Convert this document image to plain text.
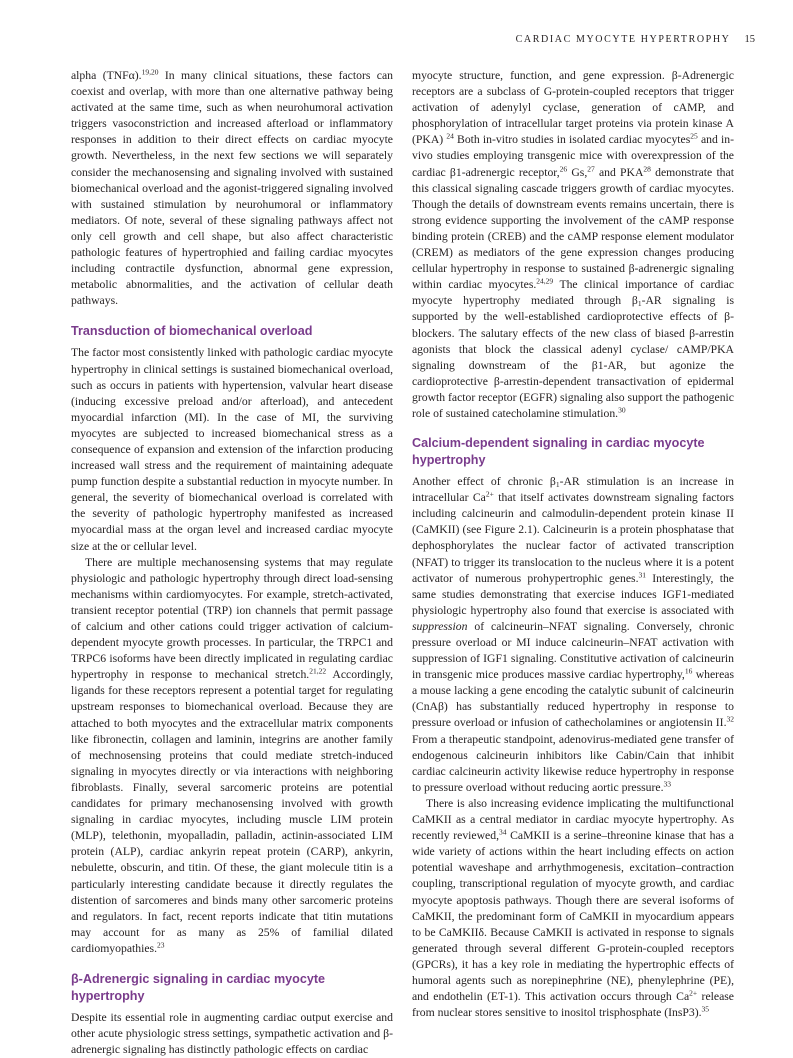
CARDIAC MYOCYTE HYPERTROPHY 15

alpha (TNFα).$^{19,20}$ In many clinical situations, these factors can coexist and overlap, with more than one alternative pathway being activated at the same time, such as when neurohumoral activation triggers vasoconstriction and increased afterload or inflammatory responses in addition to their direct effects on cardiac myocyte growth. Nevertheless, in the next few sections we will separately consider the mechanosensing and signaling involved with sustained biomechanical overload and the agonist-triggered signaling involved with sustained stimulation by neurohumoral or inflammatory mediators. Of note, several of these signaling pathways affect not only cell growth and cell shape, but also affect characteristic pathologic features of hypertrophied and failing cardiac myocytes including contractile dysfunction, abnormal gene expression, metabolic abnormalities, and the activation of cellular death pathways.

Transduction of biomechanical overload

The factor most consistently linked with pathologic cardiac myocyte hypertrophy in clinical settings is sustained biomechanical overload, such as occurs in patients with hypertension, valvular heart disease (inducing excessive preload and/or afterload), and antecedent myocardial infarction (MI). In the case of MI, the surviving myocytes are subjected to increased biomechanical stress as a consequence of expansion and extension of the infarction producing increased wall stress and the requirement of maintaining adequate pump function despite a substantial reduction in myocyte number. In general, the severity of biomechanical overload is correlated with the severity of pathologic hypertrophy manifested as increased myocardial mass at the organ level and increased cardiac myocyte size at the or cellular level.

There are multiple mechanosensing systems that may regulate physiologic and pathologic hypertrophy through direct load-sensing mechanisms within cardiomyocytes. For example, stretch-activated, transient receptor potential (TRP) ion channels that permit passage of calcium and other cations could trigger activation of calcium-dependent myocyte growth processes. In particular, the TRPC1 and TRPC6 isoforms have been directly implicated in regulating cardiac hypertrophy in response to mechanical stretch.$^{21,22}$ Accordingly, ligands for these receptors represent a potential target for regulating upstream responses to biomechanical overload. Because they are attached to both myocytes and the extracellular matrix components like fibronectin, collagen and laminin, integrins are another family of mechnosensing proteins that could mediate stretch-induced signaling in myocytes directly or via interactions with neighboring fibroblasts. Finally, several sarcomeric proteins are potential candidates for primary mechanosensing involved with growth signaling in cardiac myocytes, including muscle LIM protein (MLP), telethonin, myopalladin, palladin, actinin-associated LIM protein (ALP), cardiac ankyrin repeat protein (CARP), ankyrin, nebulette, obscurin, and titin. Of these, the giant molecule titin is a particularly interesting candidate because it directly regulates the distention of sarcomeres and binds many other sarcomeric proteins and regulators. In fact, recent reports indicate that titin mutations may account for as many as 25% of familial dilated cardiomyopathies.$^{23}$

β-Adrenergic signaling in cardiac myocyte hypertrophy

Despite its essential role in augmenting cardiac output exercise and other acute physiologic stress settings, sympathetic activation and β-adrenergic signaling has distinctly pathologic effects on cardiac

myocyte structure, function, and gene expression. β-Adrenergic receptors are a subclass of G-protein-coupled receptors that trigger activation of adenylyl cyclase, generation of cAMP, and phosphorylation of intracellular target proteins via protein kinase A (PKA) $^{24}$ Both in-vitro studies in isolated cardiac myocytes$^{25}$ and in-vivo studies employing transgenic mice with overexpression of the cardiac β1-adrenergic receptor,$^{26}$ Gs,$^{27}$ and PKA$^{28}$ demonstrate that this classical signaling cascade triggers growth of cardiac myocytes. Though the details of downstream events remains uncertain, there is strong evidence supporting the involvement of the cAMP response binding protein (CREB) and the cAMP response element modulator (CREM) as mediators of the gene expression changes producing cellular hypertrophy in response to sustained β-adrenergic signaling within cardiac myocytes.$^{24,29}$ The clinical importance of cardiac myocyte hypertrophy mediated through $\beta_1-AR$ signaling is supported by the well-established cardioprotective effects of β-blockers. The salutary effects of the new class of biased β-arrestin agonists that block the classical adenyl cyclase/ cAMP/PKA signaling downstream of the β1-AR, but agonize the cardioprotective β-arrestin-dependent transactivation of epidermal growth factor receptor (EGFR) signaling also support the pathogenic role of sustained catecholamine stimulation.$^{30}$

Calcium-dependent signaling in cardiac myocyte hypertrophy

Another effect of chronic $\beta_1-AR$ stimulation is an increase in intracellular $Ca^{2+}$ that itself activates downstream signaling factors including calcineurin and calmodulin-dependent protein kinase II (CaMKII) (see Figure 2.1). Calcineurin is a protein phosphatase that dephosphorylates the nuclear factor of activated transcription (NFAT) to trigger its translocation to the nucleus where it is a potent activator of numerous prohypertrophic genes.$^{31}$ Interestingly, the same studies demonstrating that exercise induces IGF1-mediated physiologic hypertrophy also found that exercise is associated with suppression of calcineurin–NFAT signaling. Conversely, chronic pressure overload or MI induce calcineurin–NFAT activation with suppression of IGF1 signaling. Constitutive activation of calcineurin in transgenic mice produces massive cardiac hypertrophy,$^{16}$ whereas a mouse lacking a gene encoding the catalytic subunit of calcineurin (CnAβ) has substantially reduced hypertrophy in response to pressure overload or infusion of cathecholamines or angiotensin II.$^{32}$ From a therapeutic standpoint, adenovirus-mediated gene transfer of endogenous calcineurin inhibitors like Cabin/Cain that inhibit cardiac calcineurin activity likewise reduce hypertrophy in response to pressure overload without reducing aortic pressure.$^{33}$

There is also increasing evidence implicating the multifunctional CaMKII as a central mediator in cardiac myocyte hypertrophy. As recently reviewed,$^{34}$ CaMKII is a serine–threonine kinase that has a wide variety of actions within the heart including effects on action potential waveshape and arrhythmogenesis, excitation–contraction coupling, transcriptional regulation of myocyte growth, and cardiac myocyte apoptosis pathways. Though there are several isoforms of CaMKII, the predominant form of CaMKII in myocardium appears to be CaMKIIδ. Because CaMKII is activated in response to signals generated through several different G-protein-coupled receptors (GPCRs), it has a key role in mediating the hypertrophic effects of humoral agents such as norepinephrine (NE), phenylephrine (PE), and endothelin (ET-1). This activation occurs through $Ca^{2+}$ release from nuclear stores sensitive to inositol trisphosphate (InsP3).$^{35}$
